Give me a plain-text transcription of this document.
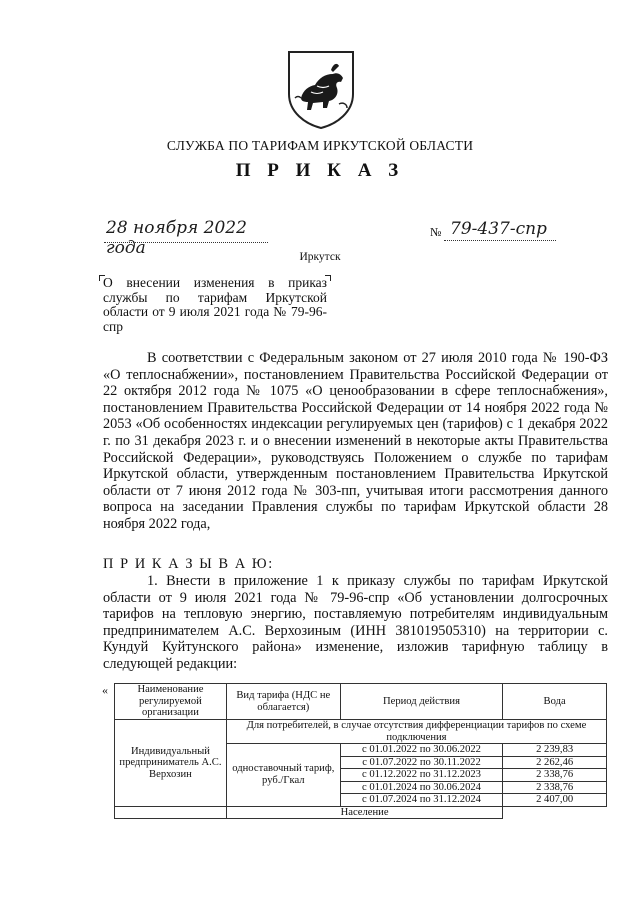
СЛУЖБА ПО ТАРИФАМ ИРКУТСКОЙ ОБЛАСТИ
П Р И К А З
28 ноября 2022 года
№ 79-437-спр
Иркутск
О внесении изменения в приказ службы по тарифам Иркутской области от 9 июля 2021 года № 79-96-спр

В соответствии с Федеральным законом от 27 июля 2010 года № 190-ФЗ «О теплоснабжении», постановлением Правительства Российской Федерации от 22 октября 2012 года № 1075 «О ценообразовании в сфере теплоснабжения», постановлением Правительства Российской Федерации от 14 ноября 2022 года № 2053 «Об особенностях индексации регулируемых цен (тарифов) с 1 декабря 2022 г. по 31 декабря 2023 г. и о внесении изменений в некоторые акты Правительства Российской Федерации», руководствуясь Положением о службе по тарифам Иркутской области, утвержденным постановлением Правительства Иркутской области от 7 июня 2012 года № 303-пп, учитывая итоги рассмотрения данного вопроса на заседании Правления службы по тарифам Иркутской области 28 ноября 2022 года,

П Р И К А З Ы В А Ю:
1. Внести в приложение 1 к приказу службы по тарифам Иркутской области от 9 июля 2021 года № 79-96-спр «Об установлении долгосрочных тарифов на тепловую энергию, поставляемую потребителям индивидуальным предпринимателем А.С. Верхозиным (ИНН 381019505310) на территории с. Кундуй Куйтунского района» изменение, изложив тарифную таблицу в следующей редакции:
«	Наименование регулируемой организации	Вид тарифа (НДС не облагается)	Период действия	Вода
Индивидуальный предприниматель А.С. Верхозин	Для потребителей, в случае отсутствия дифференциации тарифов по схеме подключения		
	одноставочный тариф, руб./Гкал	с 01.01.2022 по 30.06.2022	2 239,83
		с 01.07.2022 по 30.11.2022	2 262,46
		с 01.12.2022 по 31.12.2023	2 338,76
		с 01.01.2024 по 30.06.2024	2 338,76
		с 01.07.2024 по 31.12.2024	2 407,00
	Население		
